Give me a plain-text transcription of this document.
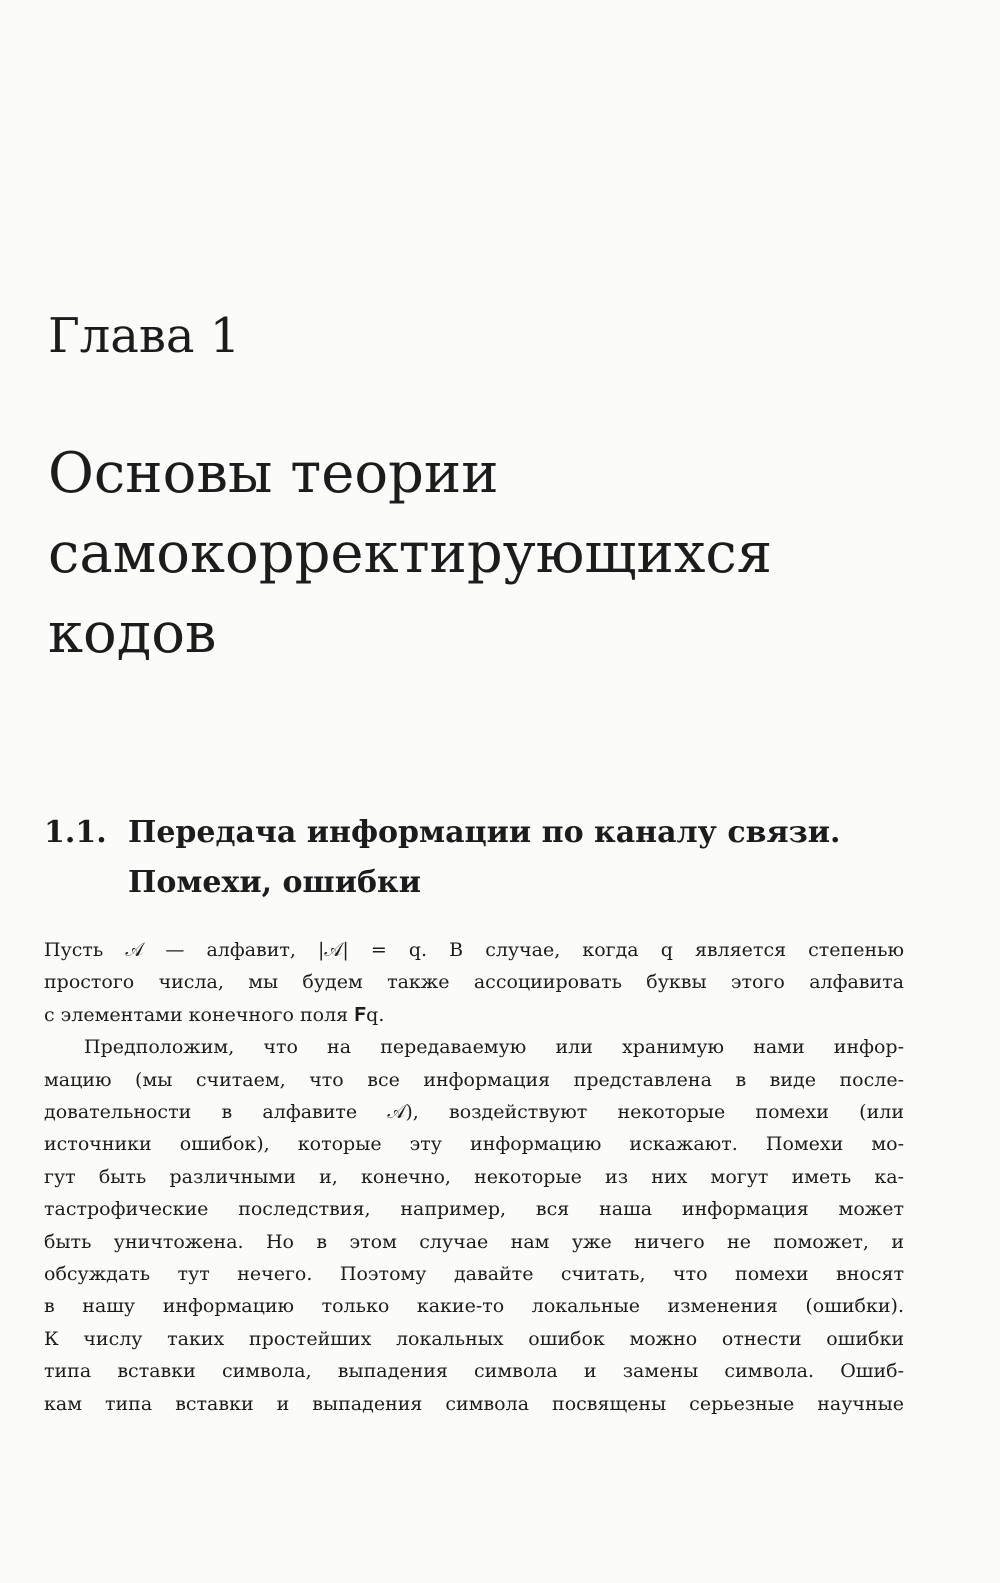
Глава 1
Основы теории
самокорректирующихся
кодов
1.1. Передача информации по каналу связи.
Помехи, ошибки

Пусть 𝒜 — алфавит, |𝒜| = q. В случае, когда q является степенью
простого числа, мы будем также ассоциировать буквы этого алфавита
с элементами конечного поля 𝐅q.

Предположим, что на передаваемую или хранимую нами инфор-
мацию (мы считаем, что все информация представлена в виде после-
довательности в алфавите 𝒜), воздействуют некоторые помехи (или
источники ошибок), которые эту информацию искажают. Помехи мо-
гут быть различными и, конечно, некоторые из них могут иметь ка-
тастрофические последствия, например, вся наша информация может
быть уничтожена. Но в этом случае нам уже ничего не поможет, и
обсуждать тут нечего. Поэтому давайте считать, что помехи вносят
в нашу информацию только какие-то локальные изменения (ошибки).
К числу таких простейших локальных ошибок можно отнести ошибки
типа вставки символа, выпадения символа и замены символа. Ошиб-
кам типа вставки и выпадения символа посвящены серьезные научные
